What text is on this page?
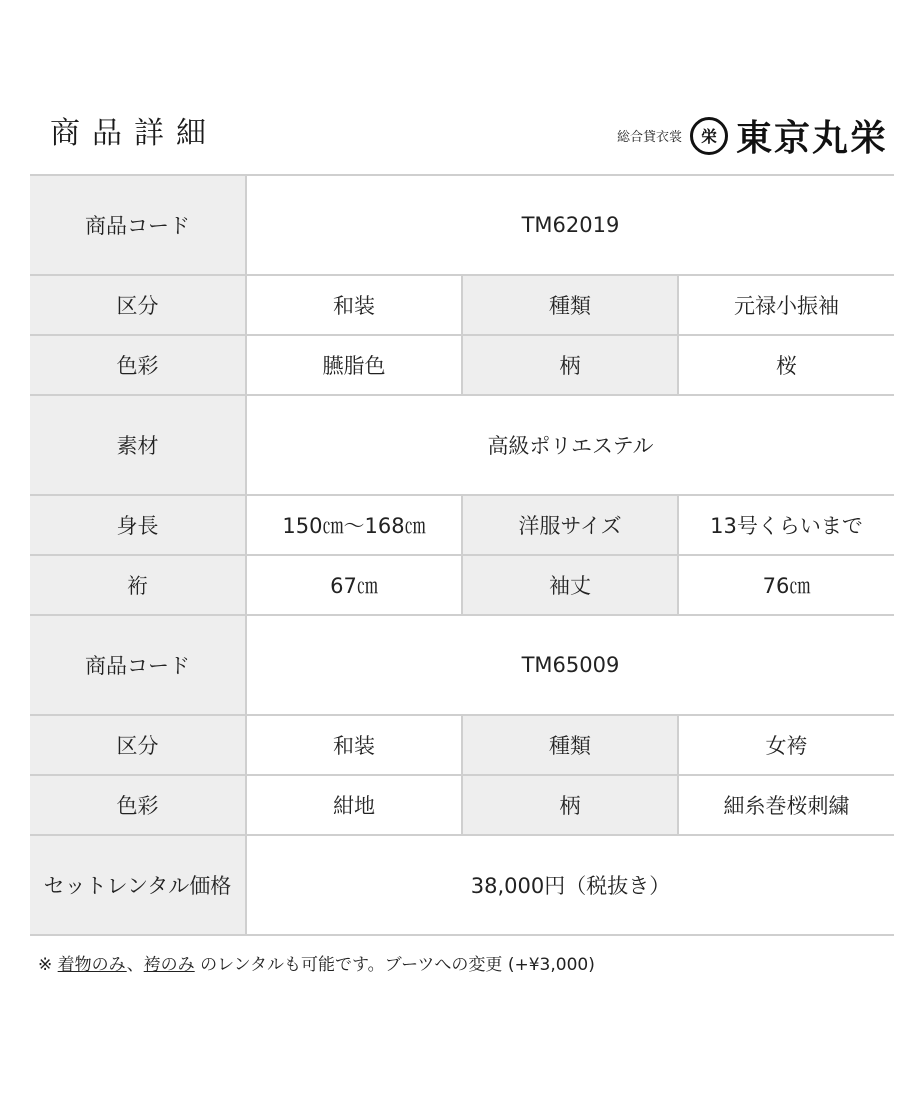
商品詳細	総合貸衣裳	栄 東京丸栄
商品コード	TM62019		
区分	和装	種類	元禄小振袖
色彩	臙脂色	柄	桜
素材	高級ポリエステル		
身長	150㎝～168㎝	洋服サイズ	13号くらいまで
裄	67㎝	袖丈	76㎝
商品コード	TM65009		
区分	和装	種類	女袴
色彩	紺地	柄	細糸巻桜刺繍
セットレンタル価格	38,000円（税抜き）		
※ 着物のみ、袴のみ のレンタルも可能です。ブーツへの変更 (+¥3,000)
